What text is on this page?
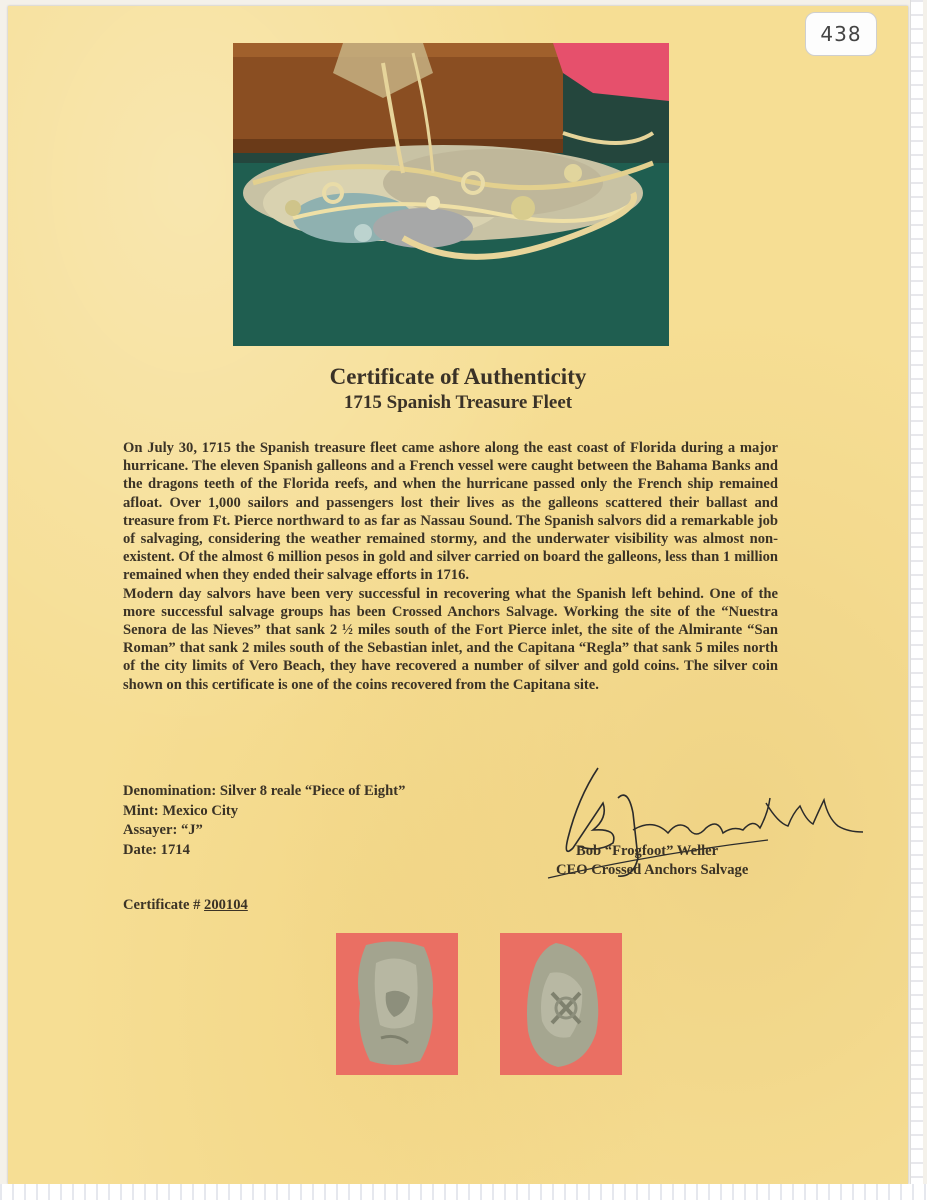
Certificate of Authenticity
1715 Spanish Treasure Fleet

On July 30, 1715 the Spanish treasure fleet came ashore along the east coast of Florida during a major hurricane. The eleven Spanish galleons and a French vessel were caught between the Bahama Banks and the dragons teeth of the Florida reefs, and when the hurricane passed only the French ship remained afloat. Over 1,000 sailors and passengers lost their lives as the galleons scattered their ballast and treasure from Ft. Pierce northward to as far as Nassau Sound. The Spanish salvors did a remarkable job of salvaging, considering the weather remained stormy, and the underwater visibility was almost non-existent. Of the almost 6 million pesos in gold and silver carried on board the galleons, less than 1 million remained when they ended their salvage efforts in 1716.

Modern day salvors have been very successful in recovering what the Spanish left behind. One of the more successful salvage groups has been Crossed Anchors Salvage. Working the site of the “Nuestra Senora de las Nieves” that sank 2 ½ miles south of the Fort Pierce inlet, the site of the Almirante “San Roman” that sank 2 miles south of the Sebastian inlet, and the Capitana “Regla” that sank 5 miles north of the city limits of Vero Beach, they have recovered a number of silver and gold coins. The silver coin shown on this certificate is one of the coins recovered from the Capitana site.

Denomination: Silver 8 reale “Piece of Eight”
Mint: Mexico City
Assayer: “J”
Date: 1714	Bob “Frogfoot” Weller
CEO Crossed Anchors Salvage
Certificate # 200104
438
